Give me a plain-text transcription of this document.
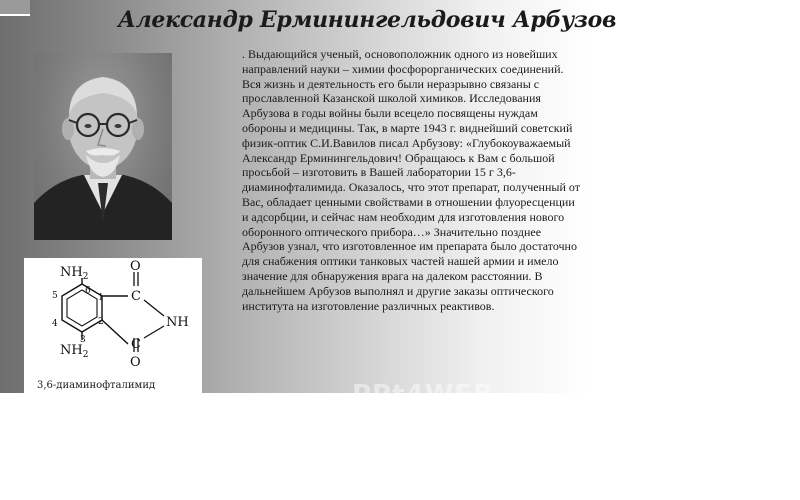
Александр Ерминингельдович Арбузов
$NH_2$
$NH_2$
O
O
C
C
NH
1
2
3
4
5	6
3,6-диаминофталимид

. Выдающийся ученый, основоположник одного из новейших направлений науки – химии фосфорорганических соединений. Вся жизнь и деятельность его были неразрывно связаны с прославленной Казанской школой химиков. Исследования Арбузова в годы войны были всецело посвящены нуждам обороны и медицины. Так, в марте 1943 г. виднейший советский физик-оптик С.И.Вавилов писал Арбузову: «Глубокоуважаемый Александр Ерминингельдович! Обращаюсь к Вам с большой просьбой – изготовить в Вашей лаборатории 15 г 3,6-диаминофталимида. Оказалось, что этот препарат, полученный от Вас, обладает ценными свойствами в отношении флуоресценции и адсорбции, и сейчас нам необходим для изготовления нового оборонного оптического прибора…» Значительно позднее Арбузов узнал, что изготовленное им препарата было достаточно для снабжения оптики танковых частей нашей армии и имело значение для обнаружения врага на далеком расстоянии. В дальнейшем Арбузов выполнял и другие заказы оптического института на изготовление различных реактивов.

PPt4WEB
